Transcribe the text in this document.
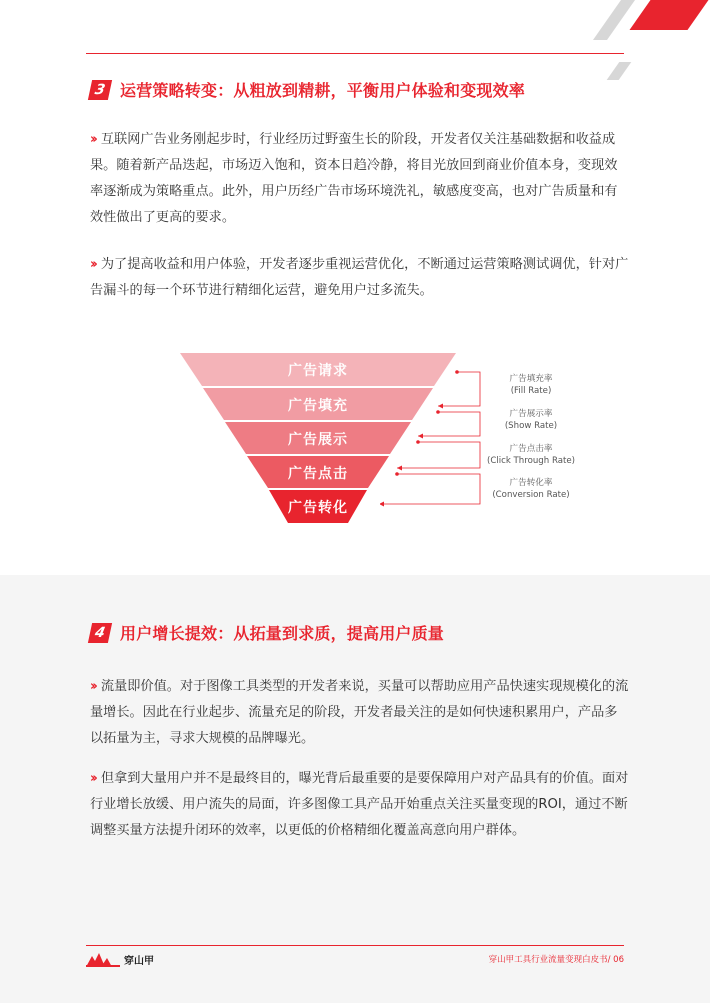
3 运营策略转变：从粗放到精耕，平衡用户体验和变现效率
›› 互联网广告业务刚起步时，行业经历过野蛮生长的阶段，开发者仅关注基础数据和收益成果。随着新产品迭起，市场迈入饱和，资本日趋冷静，将目光放回到商业价值本身，变现效率逐渐成为策略重点。此外，用户历经广告市场环境洗礼，敏感度变高，也对广告质量和有效性做出了更高的要求。
›› 为了提高收益和用户体验，开发者逐步重视运营优化，不断通过运营策略测试调优，针对广告漏斗的每一个环节进行精细化运营，避免用户过多流失。
广告请求
广告填充
广告展示
广告点击
广告转化
广告填充率
(Fill Rate)
广告展示率
(Show Rate)
广告点击率
(Click Through Rate)
广告转化率
(Conversion Rate)
4 用户增长提效：从拓量到求质，提高用户质量
›› 流量即价值。对于图像工具类型的开发者来说，买量可以帮助应用产品快速实现规模化的流量增长。因此在行业起步、流量充足的阶段，开发者最关注的是如何快速积累用户，产品多以拓量为主，寻求大规模的品牌曝光。
›› 但拿到大量用户并不是最终目的，曝光背后最重要的是要保障用户对产品具有的价值。面对行业增长放缓、用户流失的局面，许多图像工具产品开始重点关注买量变现的ROI，通过不断调整买量方法提升闭环的效率，以更低的价格精细化覆盖高意向用户群体。
穿山甲	穿山甲工具行业流量变现白皮书/ 06
